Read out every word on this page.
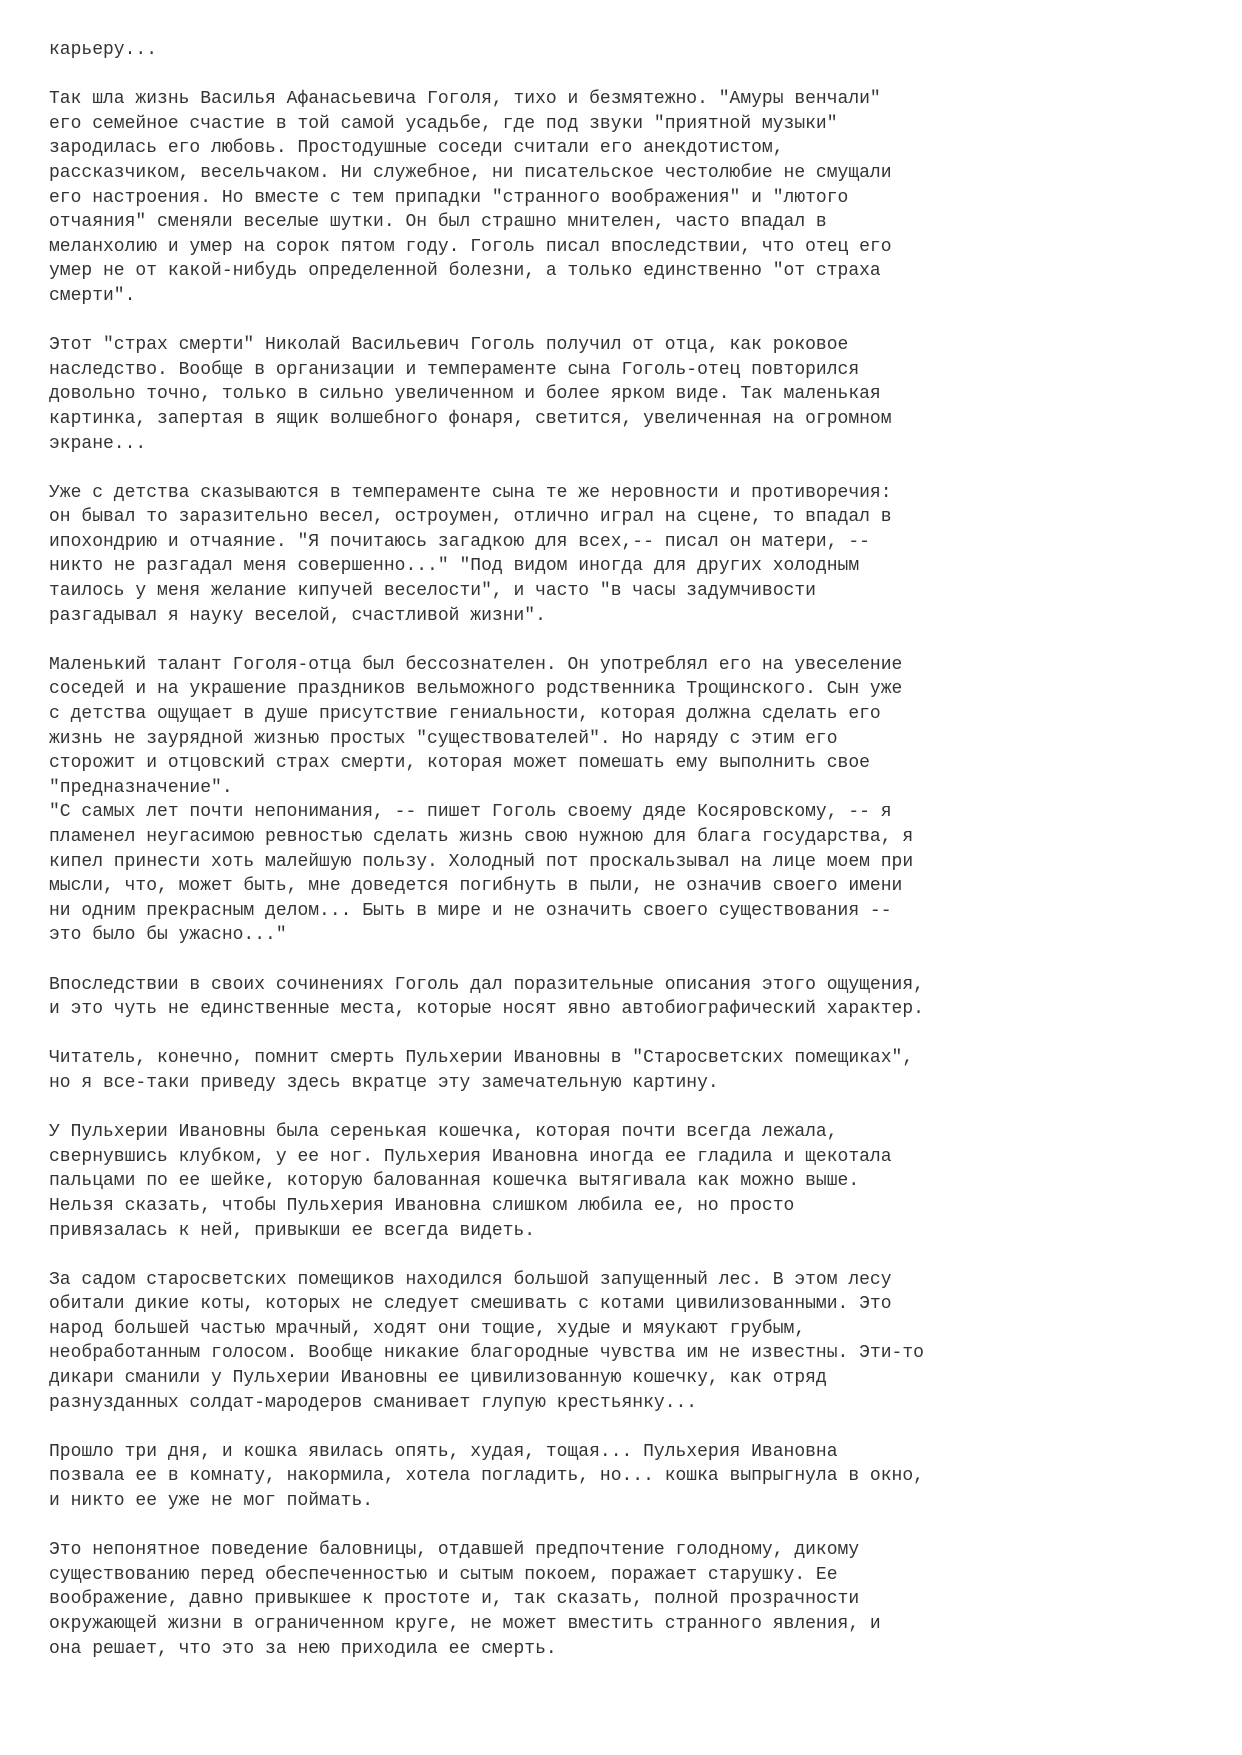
карьеру...
Так шла жизнь Василья Афанасьевича Гоголя, тихо и безмятежно. "Амуры венчали"
его семейное счастие в той самой усадьбе, где под звуки "приятной музыки"
зародилась его любовь. Простодушные соседи считали его анекдотистом,
рассказчиком, весельчаком. Ни служебное, ни писательское честолюбие не смущали
его настроения. Но вместе с тем припадки "странного воображения" и "лютого
отчаяния" сменяли веселые шутки. Он был страшно мнителен, часто впадал в
меланхолию и умер на сорок пятом году. Гоголь писал впоследствии, что отец его
умер не от какой-нибудь определенной болезни, а только единственно "от страха
смерти".
Этот "страх смерти" Николай Васильевич Гоголь получил от отца, как роковое
наследство. Вообще в организации и темпераменте сына Гоголь-отец повторился
довольно точно, только в сильно увеличенном и более ярком виде. Так маленькая
картинка, запертая в ящик волшебного фонаря, светится, увеличенная на огромном
экране...
Уже с детства сказываются в темпераменте сына те же неровности и противоречия:
он бывал то заразительно весел, остроумен, отлично играл на сцене, то впадал в
ипохондрию и отчаяние. "Я почитаюсь загадкою для всех,-- писал он матери, --
никто не разгадал меня совершенно..." "Под видом иногда для других холодным
таилось у меня желание кипучей веселости", и часто "в часы задумчивости
разгадывал я науку веселой, счастливой жизни".
Маленький талант Гоголя-отца был бессознателен. Он употреблял его на увеселение
соседей и на украшение праздников вельможного родственника Трощинского. Сын уже
с детства ощущает в душе присутствие гениальности, которая должна сделать его
жизнь не заурядной жизнью простых "существователей". Но наряду с этим его
сторожит и отцовский страх смерти, которая может помешать ему выполнить свое
"предназначение".
"С самых лет почти непонимания, -- пишет Гоголь своему дяде Косяровскому, -- я
пламенел неугасимою ревностью сделать жизнь свою нужною для блага государства, я
кипел принести хоть малейшую пользу. Холодный пот проскальзывал на лице моем при
мысли, что, может быть, мне доведется погибнуть в пыли, не означив своего имени
ни одним прекрасным делом... Быть в мире и не означить своего существования --
это было бы ужасно..."
Впоследствии в своих сочинениях Гоголь дал поразительные описания этого ощущения,
и это чуть не единственные места, которые носят явно автобиографический характер.
Читатель, конечно, помнит смерть Пульхерии Ивановны в "Старосветских помещиках",
но я все-таки приведу здесь вкратце эту замечательную картину.
У Пульхерии Ивановны была серенькая кошечка, которая почти всегда лежала,
свернувшись клубком, у ее ног. Пульхерия Ивановна иногда ее гладила и щекотала
пальцами по ее шейке, которую балованная кошечка вытягивала как можно выше.
Нельзя сказать, чтобы Пульхерия Ивановна слишком любила ее, но просто
привязалась к ней, привыкши ее всегда видеть.
За садом старосветских помещиков находился большой запущенный лес. В этом лесу
обитали дикие коты, которых не следует смешивать с котами цивилизованными. Это
народ большей частью мрачный, ходят они тощие, худые и мяукают грубым,
необработанным голосом. Вообще никакие благородные чувства им не известны. Эти-то
дикари сманили у Пульхерии Ивановны ее цивилизованную кошечку, как отряд
разнузданных солдат-мародеров сманивает глупую крестьянку...
Прошло три дня, и кошка явилась опять, худая, тощая... Пульхерия Ивановна
позвала ее в комнату, накормила, хотела погладить, но... кошка выпрыгнула в окно,
и никто ее уже не мог поймать.
Это непонятное поведение баловницы, отдавшей предпочтение голодному, дикому
существованию перед обеспеченностью и сытым покоем, поражает старушку. Ее
воображение, давно привыкшее к простоте и, так сказать, полной прозрачности
окружающей жизни в ограниченном круге, не может вместить странного явления, и
она решает, что это за нею приходила ее смерть.
